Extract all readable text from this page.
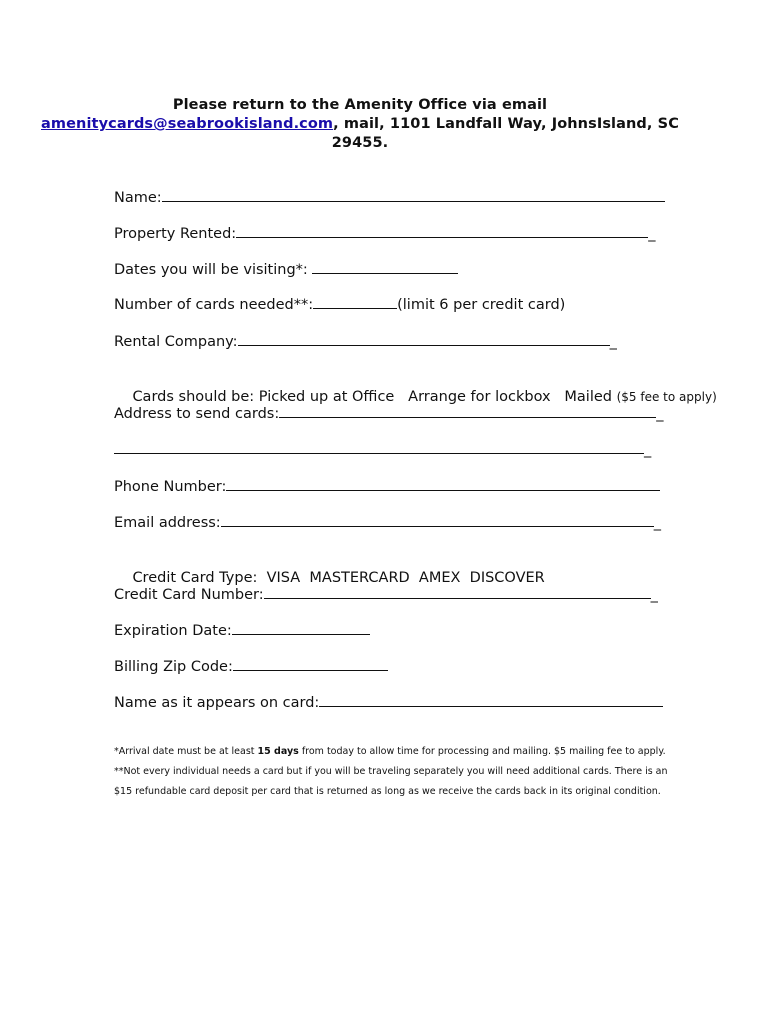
Please return to the Amenity Office via email
amenitycards@seabrookisland.com, mail, 1101 Landfall Way, JohnsIsland, SC
29455.
Name:
Property Rented:	_
Dates you will be visiting*:
Number of cards needed**:	(limit 6 per credit card)
Rental Company:	_

Cards should be: Picked up at Office   Arrange for lockbox   Mailed ($5 fee to apply)

Address to send cards:	_
_
Phone Number:
Email address:	_

Credit Card Type:  VISA  MASTERCARD  AMEX  DISCOVER

Credit Card Number:	_
Expiration Date:
Billing Zip Code:
Name as it appears on card:
*Arrival date must be at least 15 days from today to allow time for processing and mailing. $5 mailing fee to apply.
**Not every individual needs a card but if you will be traveling separately you will need additional cards. There is an
$15 refundable card deposit per card that is returned as long as we receive the cards back in its original condition.
